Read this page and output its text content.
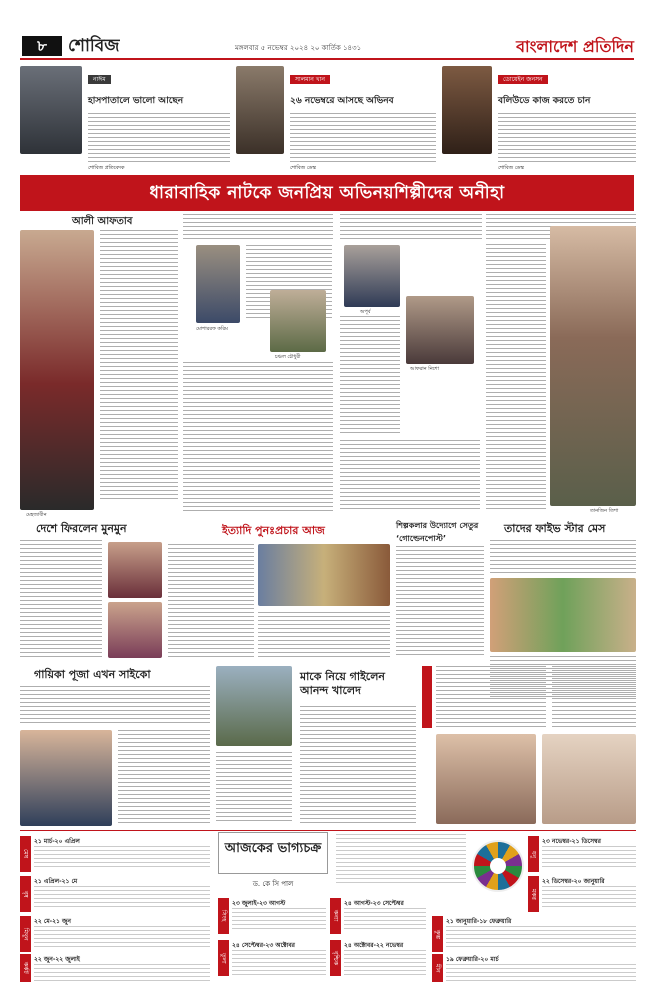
৮	শোবিজ	মঙ্গলবার ৫ নভেম্বর ২০২৪ ২০ কার্তিক ১৪৩১	বাংলাদেশ প্রতিদিন
নাঈম
হাসপাতালে ভালো আছেন
শোবিজ প্রতিবেদক
সালমান খান
২৬ নভেম্বরে আসছে অভিনব
শোবিজ ডেস্ক
ডোয়েইন জনসন
বলিউডে কাজ করতে চান
শোবিজ ডেস্ক
ধারাবাহিক নাটকে জনপ্রিয় অভিনয়শিল্পীদের অনীহা
আলী আফতাব
মেহজাবীন
মোশাররফ করিম
চঞ্চল চৌধুরী
অপূর্ব
আফরান নিশো
তানজিন তিশা
দেশে ফিরলেন মুনমুন	ইত্যাদি পুনঃপ্রচার আজ	শিল্পকলার উদ্যোগে সেতুর ‘গোল্ডেনপোস্ট’
তাদের ফাইভ স্টার মেস
গায়িকা পূজা এখন সাইকো	মাকে নিয়ে গাইলেন আনন্দ খালেদ
আজকের ভাগ্যচক্র
ড. কে সি পাল
মেষ
২১ মার্চ-২০ এপ্রিল
বৃষ
২১ এপ্রিল-২১ মে
মিথুন
২২ মে-২১ জুন
কর্কট
২২ জুন-২২ জুলাই
সিংহ
২৩ জুলাই-২৩ আগস্ট
কন্যা
২৪ আগস্ট-২৩ সেপ্টেম্বর
তুলা
২৪ সেপ্টেম্বর-২৩ অক্টোবর
বৃশ্চিক
২৪ অক্টোবর-২২ নভেম্বর
ধনু
২৩ নভেম্বর-২১ ডিসেম্বর
মকর
২২ ডিসেম্বর-২০ জানুয়ারি
কুম্ভ
২১ জানুয়ারি-১৮ ফেব্রুয়ারি
মীন
১৯ ফেব্রুয়ারি-২০ মার্চ
